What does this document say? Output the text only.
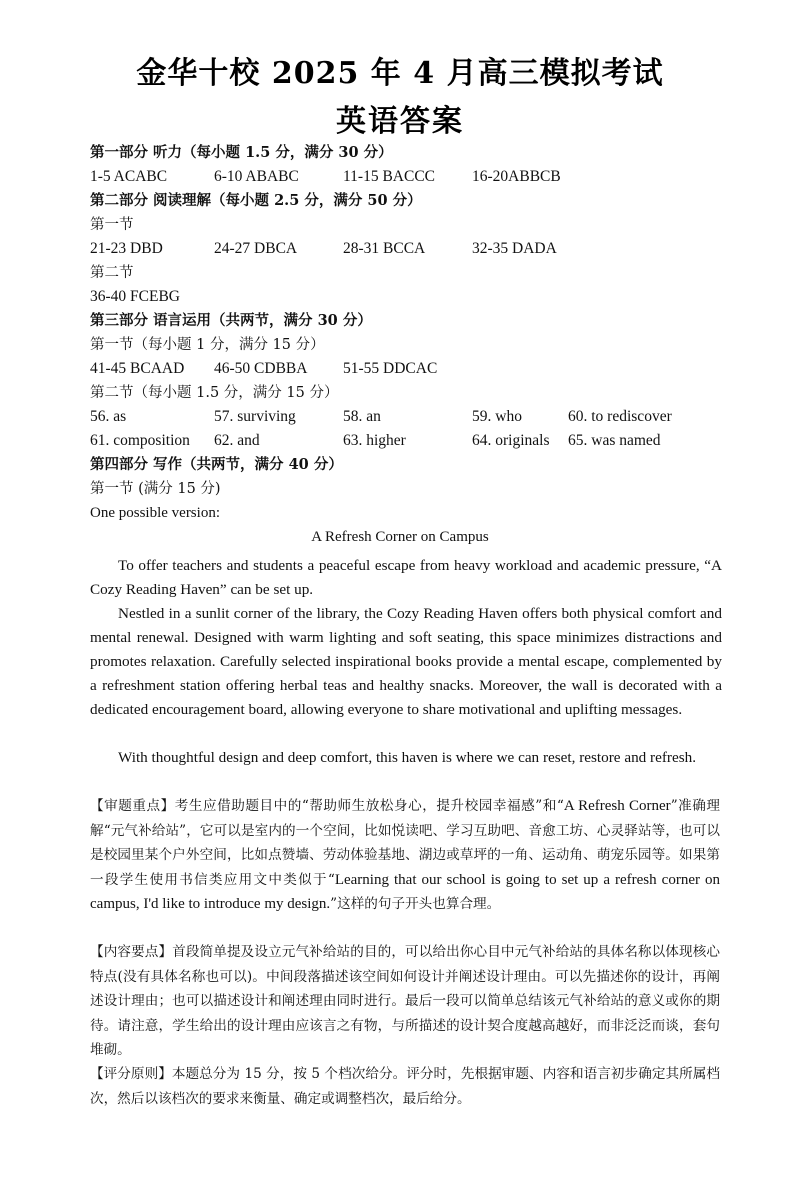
金华十校 2025 年 4 月高三模拟考试
英语答案
第一部分 听力（每小题 1.5 分，满分 30 分）
1-5 ACABC	6-10 ABABC	11-15 BACCC 16-20ABBCB
第二部分 阅读理解（每小题 2.5 分，满分 50 分）
第一节
21-23 DBD	24-27 DBCA	28-31 BCCA	32-35 DADA
第二节
36-40 FCEBG
第三部分 语言运用（共两节，满分 30 分）
第一节（每小题 1 分，满分 15 分）
41-45 BCAAD 46-50 CDBBA 51-55 DDCAC
第二节（每小题 1.5 分，满分 15 分）
56. as	57. surviving	58. an	59. who	60. to rediscover
61. composition 62. and	63. higher	64. originals 65. was named
第四部分 写作（共两节，满分 40 分）
第一节 (满分 15 分)
One possible version:
A Refresh Corner on Campus
To offer teachers and students a peaceful escape from heavy workload and academic pressure, “A Cozy Reading Haven” can be set up.
Nestled in a sunlit corner of the library, the Cozy Reading Haven offers both physical comfort and mental renewal. Designed with warm lighting and soft seating, this space minimizes distractions and promotes relaxation. Carefully selected inspirational books provide a mental escape, complemented by a refreshment station offering herbal teas and healthy snacks. Moreover, the wall is decorated with a dedicated encouragement board, allowing everyone to share motivational and uplifting messages.
With thoughtful design and deep comfort, this haven is where we can reset, restore and refresh.
【审题重点】考生应借助题目中的“帮助师生放松身心，提升校园幸福感”和“A Refresh Corner”准确理解“元气补给站”，它可以是室内的一个空间，比如悦读吧、学习互助吧、音愈工坊、心灵驿站等，也可以是校园里某个户外空间，比如点赞墙、劳动体验基地、湖边或草坪的一角、运动角、萌宠乐园等。如果第一段学生使用书信类应用文中类似于“Learning that our school is going to set up a refresh corner on campus, I'd like to introduce my design.”这样的句子开头也算合理。
【内容要点】首段简单提及设立元气补给站的目的，可以给出你心目中元气补给站的具体名称以体现核心特点(没有具体名称也可以)。中间段落描述该空间如何设计并阐述设计理由。可以先描述你的设计，再阐述设计理由；也可以描述设计和阐述理由同时进行。最后一段可以简单总结该元气补给站的意义或你的期待。请注意，学生给出的设计理由应该言之有物，与所描述的设计契合度越高越好，而非泛泛而谈，套句堆砌。
【评分原则】本题总分为 15 分，按 5 个档次给分。评分时，先根据审题、内容和语言初步确定其所属档次，然后以该档次的要求来衡量、确定或调整档次，最后给分。
